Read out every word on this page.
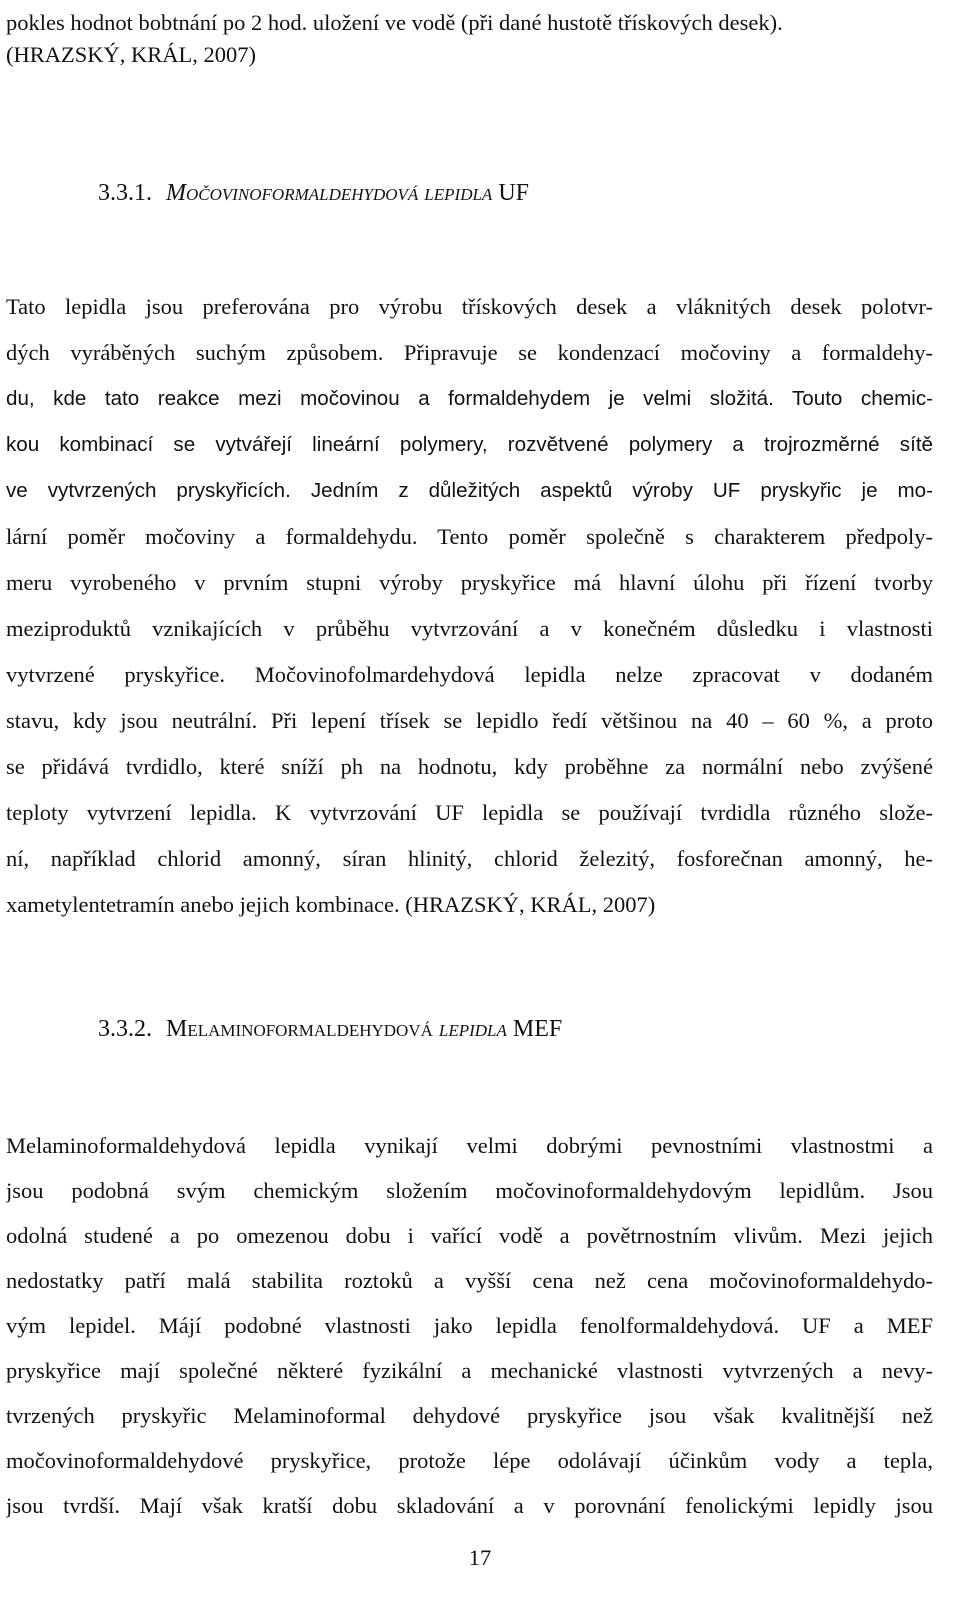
pokles hodnot bobtnání po 2 hod. uložení ve vodě (při dané hustotě třískových desek).
(HRAZSKÝ, KRÁL, 2007)
3.3.1. Močovinoformaldehydová lepidla UF
Tato lepidla jsou preferována pro výrobu třískových desek a vláknitých desek polotvr-
dých vyráběných suchým způsobem. Připravuje se kondenzací močoviny a formaldehy-
du, kde tato reakce mezi močovinou a formaldehydem je velmi složitá. Touto chemic-
kou kombinací se vytvářejí lineární polymery, rozvětvené polymery a trojrozměrné sítě
ve vytvrzených pryskyřicích. Jedním z důležitých aspektů výroby UF pryskyřic je mo-
lární poměr močoviny a formaldehydu. Tento poměr společně s charakterem předpoly-
meru vyrobeného v prvním stupni výroby pryskyřice má hlavní úlohu při řízení tvorby
meziproduktů vznikajících v průběhu vytvrzování a v konečném důsledku i vlastnosti
vytvrzené pryskyřice. Močovinofolmardehydová lepidla nelze zpracovat v dodaném
stavu, kdy jsou neutrální. Při lepení třísek se lepidlo ředí většinou na 40 – 60 %, a proto
se přidává tvrdidlo, které sníží ph na hodnotu, kdy proběhne za normální nebo zvýšené
teploty vytvrzení lepidla. K vytvrzování UF lepidla se používají tvrdidla různého slože-
ní, například chlorid amonný, síran hlinitý, chlorid železitý, fosforečnan amonný, he-
xametylentetramín anebo jejich kombinace. (HRAZSKÝ, KRÁL, 2007)
3.3.2. Melaminoformaldehydová lepidla MEF
Melaminoformaldehydová lepidla vynikají velmi dobrými pevnostními vlastnostmi a
jsou podobná svým chemickým složením močovinoformaldehydovým lepidlům. Jsou
odolná studené a po omezenou dobu i vařící vodě a povětrnostním vlivům. Mezi jejich
nedostatky patří malá stabilita roztoků a vyšší cena než cena močovinoformaldehydo-
vým lepidel. Májí podobné vlastnosti jako lepidla fenolformaldehydová. UF a MEF
pryskyřice mají společné některé fyzikální a mechanické vlastnosti vytvrzených a nevy-
tvrzených pryskyřic Melaminoformal dehydové pryskyřice jsou však kvalitnější než
močovinoformaldehydové pryskyřice, protože lépe odolávají účinkům vody a tepla,
jsou tvrdší. Mají však kratší dobu skladování a v porovnání fenolickými lepidly jsou
17
